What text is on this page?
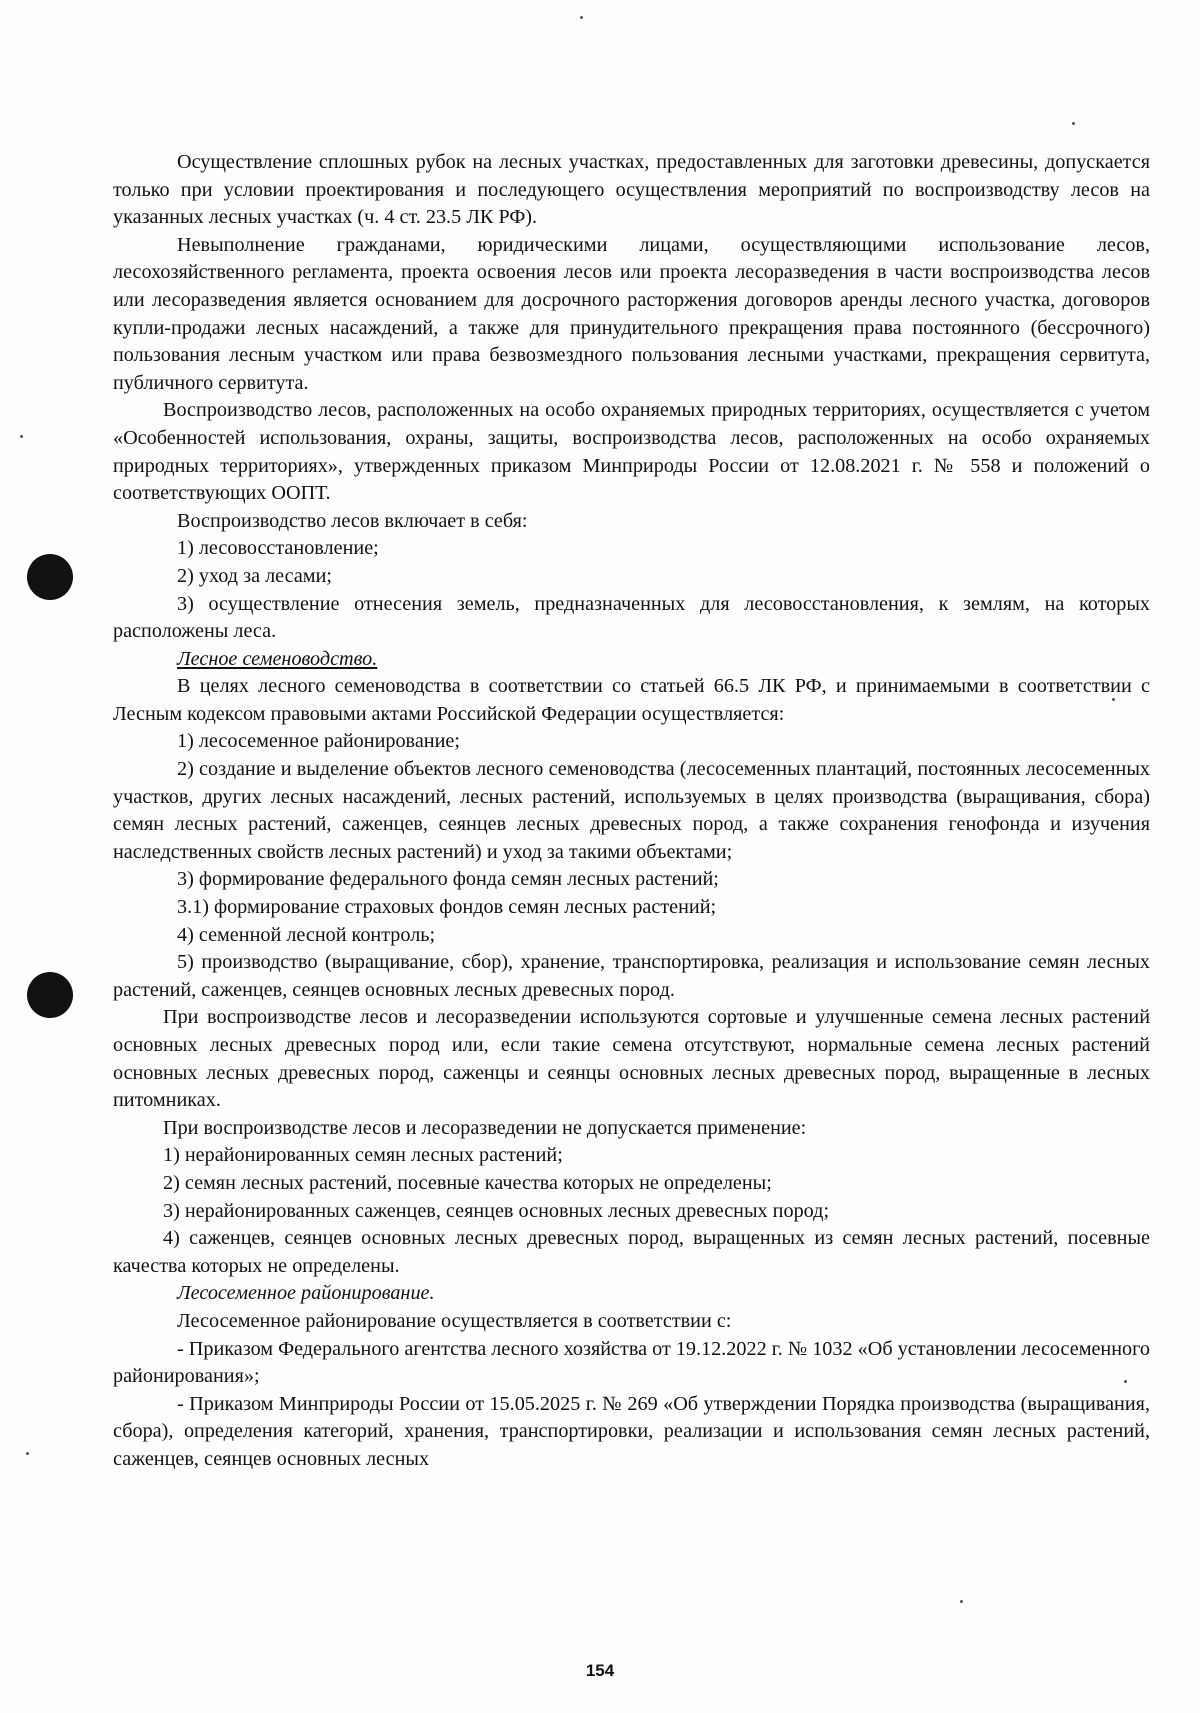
Осуществление сплошных рубок на лесных участках, предоставленных для заготовки древесины, допускается только при условии проектирования и последующего осуществления мероприятий по воспроизводству лесов на указанных лесных участках (ч. 4 ст. 23.5 ЛК РФ).

Невыполнение гражданами, юридическими лицами, осуществляющими использование лесов, лесохозяйственного регламента, проекта освоения лесов или проекта лесоразведения в части воспроизводства лесов или лесоразведения является основанием для досрочного расторжения договоров аренды лесного участка, договоров купли-продажи лесных насаждений, а также для принудительного прекращения права постоянного (бессрочного) пользования лесным участком или права безвозмездного пользования лесными участками, прекращения сервитута, публичного сервитута.

Воспроизводство лесов, расположенных на особо охраняемых природных территориях, осуществляется с учетом «Особенностей использования, охраны, защиты, воспроизводства лесов, расположенных на особо охраняемых природных территориях», утвержденных приказом Минприроды России от 12.08.2021 г. № 558 и положений о соответствующих ООПТ.

Воспроизводство лесов включает в себя:

1) лесовосстановление;

2) уход за лесами;

3) осуществление отнесения земель, предназначенных для лесовосстановления, к землям, на которых расположены леса.

Лесное семеноводство.

В целях лесного семеноводства в соответствии со статьей 66.5 ЛК РФ, и принимаемыми в соответствии с Лесным кодексом правовыми актами Российской Федерации осуществляется:

1) лесосеменное районирование;

2) создание и выделение объектов лесного семеноводства (лесосеменных плантаций, постоянных лесосеменных участков, других лесных насаждений, лесных растений, используемых в целях производства (выращивания, сбора) семян лесных растений, саженцев, сеянцев лесных древесных пород, а также сохранения генофонда и изучения наследственных свойств лесных растений) и уход за такими объектами;

3) формирование федерального фонда семян лесных растений;

3.1) формирование страховых фондов семян лесных растений;

4) семенной лесной контроль;

5) производство (выращивание, сбор), хранение, транспортировка, реализация и использование семян лесных растений, саженцев, сеянцев основных лесных древесных пород.

При воспроизводстве лесов и лесоразведении используются сортовые и улучшенные семена лесных растений основных лесных древесных пород или, если такие семена отсутствуют, нормальные семена лесных растений основных лесных древесных пород, саженцы и сеянцы основных лесных древесных пород, выращенные в лесных питомниках.

При воспроизводстве лесов и лесоразведении не допускается применение:

1) нерайонированных семян лесных растений;

2) семян лесных растений, посевные качества которых не определены;

3) нерайонированных саженцев, сеянцев основных лесных древесных пород;

4) саженцев, сеянцев основных лесных древесных пород, выращенных из семян лесных растений, посевные качества которых не определены.

Лесосеменное районирование.

Лесосеменное районирование осуществляется в соответствии с:

- Приказом Федерального агентства лесного хозяйства от 19.12.2022 г. № 1032 «Об установлении лесосеменного районирования»;

- Приказом Минприроды России от 15.05.2025 г. № 269 «Об утверждении Порядка производства (выращивания, сбора), определения категорий, хранения, транспортировки, реализации и использования семян лесных растений, саженцев, сеянцев основных лесных

154
